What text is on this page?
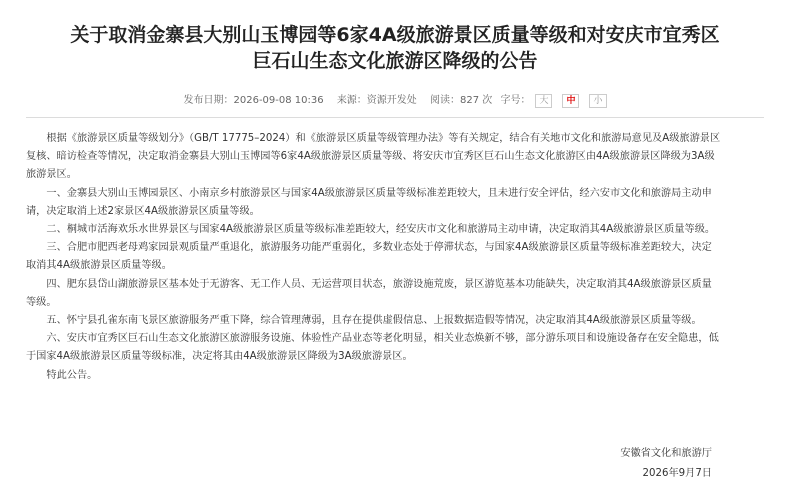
关于取消金寨县大别山玉博园等6家4A级旅游景区质量等级和对安庆市宜秀区
巨石山生态文化旅游区降级的公告
发布日期：2026-09-08 10:36 来源：资源开发处 阅读：827 次 字号： 大 中 小

根据《旅游景区质量等级划分》（GB/T 17775–2024）和《旅游景区质量等级管理办法》等有关规定，结合有关地市文化和旅游局意见及A级旅游景区复核、暗访检查等情况，决定取消金寨县大别山玉博园等6家4A级旅游景区质量等级、将安庆市宜秀区巨石山生态文化旅游区由4A级旅游景区降级为3A级旅游景区。

一、金寨县大别山玉博园景区、小南京乡村旅游景区与国家4A级旅游景区质量等级标准差距较大，且未进行安全评估，经六安市文化和旅游局主动申请，决定取消上述2家景区4A级旅游景区质量等级。

二、桐城市活海欢乐水世界景区与国家4A级旅游景区质量等级标准差距较大，经安庆市文化和旅游局主动申请，决定取消其4A级旅游景区质量等级。

三、合肥市肥西老母鸡家园景观质量严重退化，旅游服务功能严重弱化，多数业态处于停滞状态，与国家4A级旅游景区质量等级标准差距较大，决定取消其4A级旅游景区质量等级。

四、肥东县岱山湖旅游景区基本处于无游客、无工作人员、无运营项目状态，旅游设施荒废，景区游览基本功能缺失，决定取消其4A级旅游景区质量等级。

五、怀宁县孔雀东南飞景区旅游服务严重下降，综合管理薄弱，且存在提供虚假信息、上报数据造假等情况，决定取消其4A级旅游景区质量等级。

六、安庆市宜秀区巨石山生态文化旅游区旅游服务设施、体验性产品业态等老化明显，相关业态焕新不够，部分游乐项目和设施设备存在安全隐患，低于国家4A级旅游景区质量等级标准，决定将其由4A级旅游景区降级为3A级旅游景区。

特此公告。

安徽省文化和旅游厅
2026年9月7日
